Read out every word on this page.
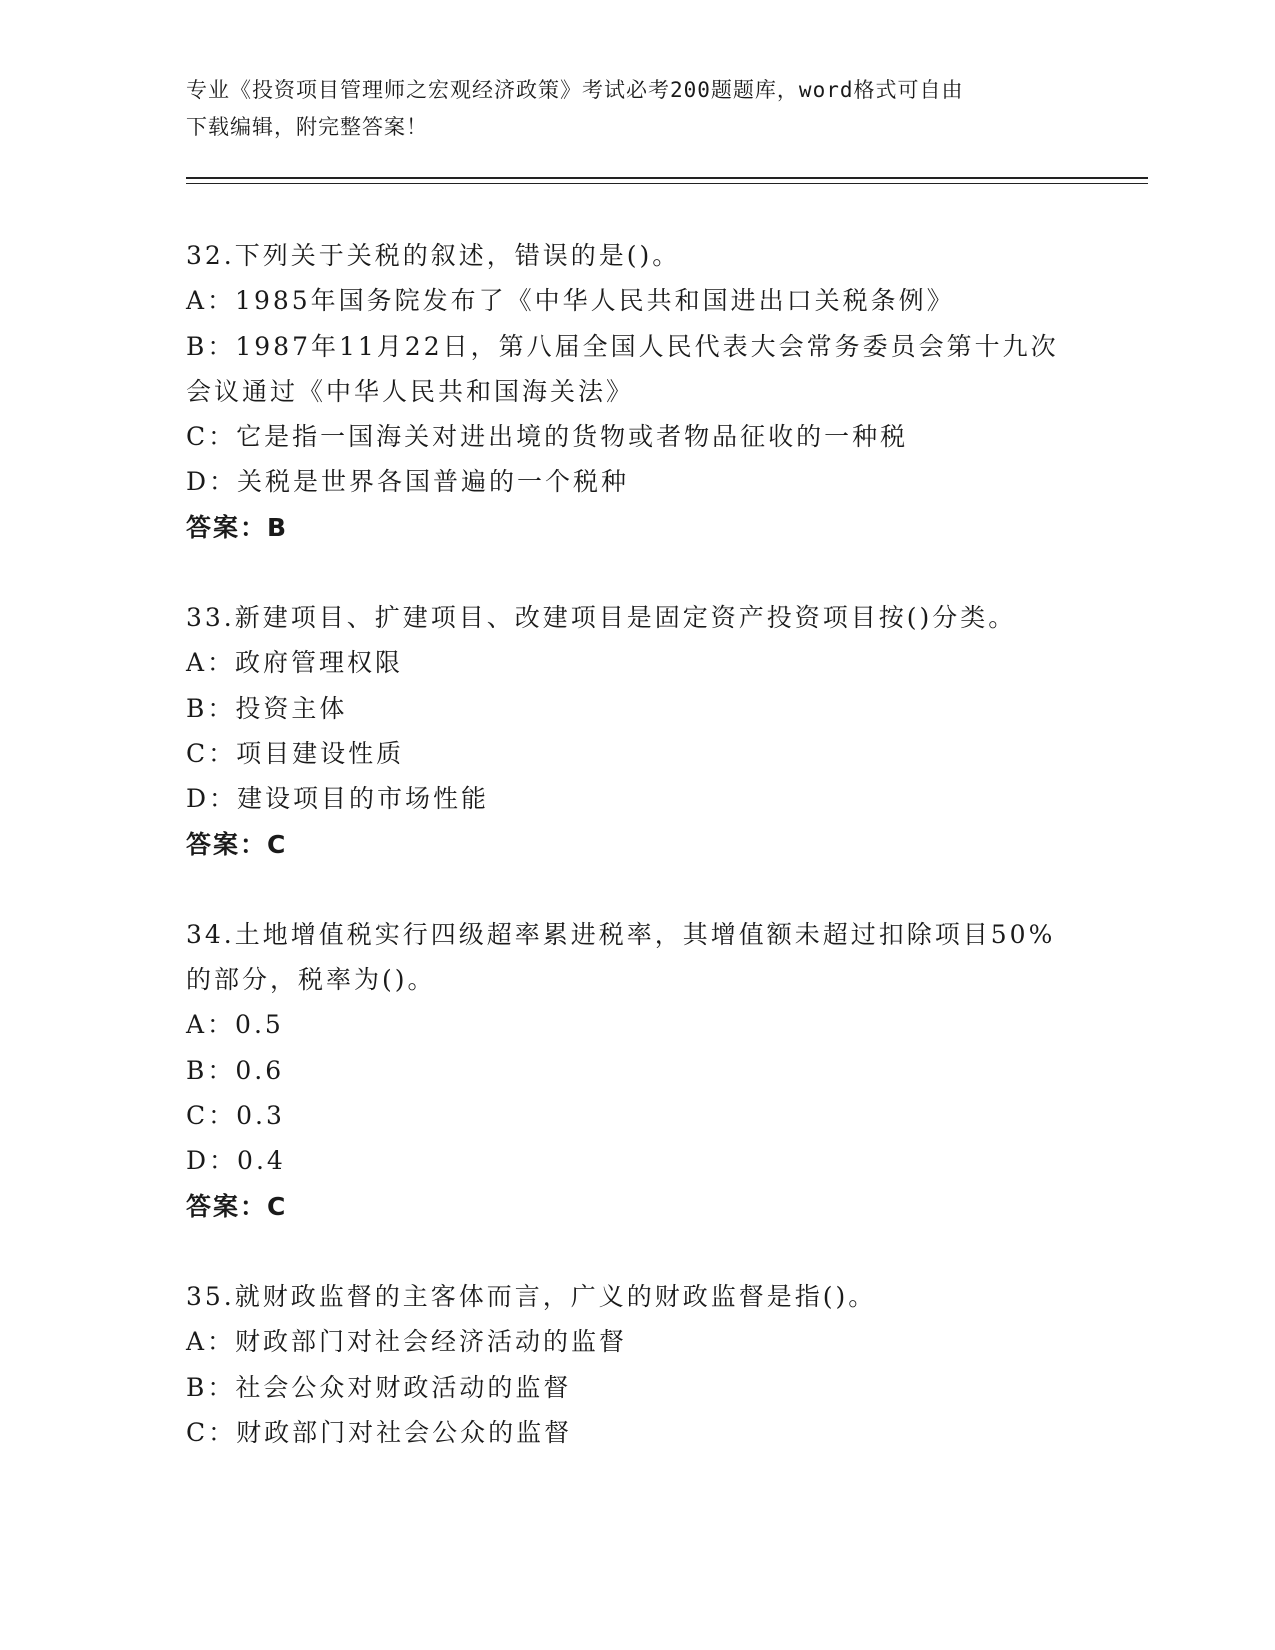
专业《投资项目管理师之宏观经济政策》考试必考200题题库，word格式可自由
下载编辑，附完整答案！
32.下列关于关税的叙述，错误的是()。
A：1985年国务院发布了《中华人民共和国进出口关税条例》
B：1987年11月22日，第八届全国人民代表大会常务委员会第十九次
会议通过《中华人民共和国海关法》
C：它是指一国海关对进出境的货物或者物品征收的一种税
D：关税是世界各国普遍的一个税种
答案：B
33.新建项目、扩建项目、改建项目是固定资产投资项目按()分类。
A：政府管理权限
B：投资主体
C：项目建设性质
D：建设项目的市场性能
答案：C
34.土地增值税实行四级超率累进税率，其增值额未超过扣除项目50%
的部分，税率为()。
A：0.5
B：0.6
C：0.3
D：0.4
答案：C
35.就财政监督的主客体而言，广义的财政监督是指()。
A：财政部门对社会经济活动的监督
B：社会公众对财政活动的监督
C：财政部门对社会公众的监督
